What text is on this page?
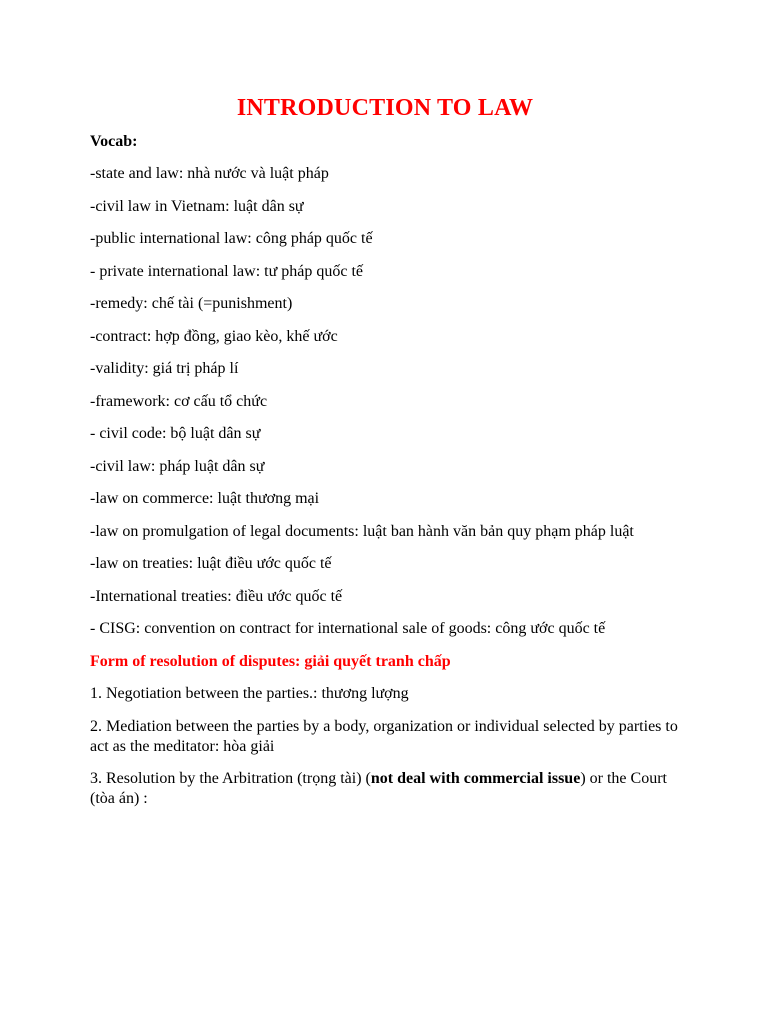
INTRODUCTION TO LAW
Vocab:
-state and law: nhà nước và luật pháp
-civil law in Vietnam: luật dân sự
-public international law: công pháp quốc tế
- private international law: tư pháp quốc tế
-remedy: chế tài (=punishment)
-contract: hợp đồng, giao kèo, khế ước
-validity: giá trị pháp lí
-framework: cơ cấu tổ chức
- civil code: bộ luật dân sự
-civil law: pháp luật dân sự
-law on commerce: luật thương mại
-law on promulgation of legal documents: luật ban hành văn bản quy phạm pháp luật
-law on treaties: luật điều ước quốc tế
-International treaties: điều ước quốc tế
- CISG: convention on contract for international sale of goods: công ước quốc tế
Form of resolution of disputes: giải quyết tranh chấp
1. Negotiation between the parties.: thương lượng
2. Mediation between the parties by a body, organization or individual selected by parties to act as the meditator: hòa giải
3. Resolution by the Arbitration (trọng tài) (not deal with commercial issue) or the Court (tòa án) :
